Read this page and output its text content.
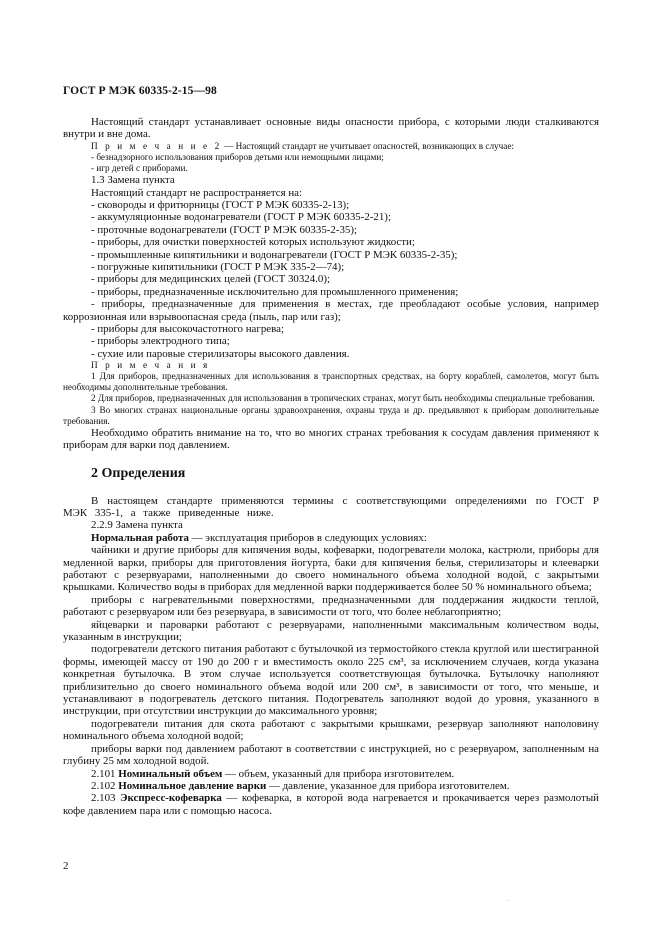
ГОСТ Р МЭК 60335-2-15—98

Настоящий стандарт устанавливает основные виды опасности прибора, с которыми люди сталкиваются внутри и вне дома.

П р и м е ч а н и е 2 — Настоящий стандарт не учитывает опасностей, возникающих в случае:

- безнадзорного использования приборов детьми или немощными лицами;

- игр детей с приборами.

1.3 Замена пункта

Настоящий стандарт не распространяется на:

- сковороды и фритюрницы (ГОСТ Р МЭК 60335-2-13);

- аккумуляционные водонагреватели (ГОСТ Р МЭК 60335-2-21);

- проточные водонагреватели (ГОСТ Р МЭК 60335-2-35);

- приборы, для очистки поверхностей которых используют жидкости;

- промышленные кипятильники и водонагреватели (ГОСТ Р МЭК 60335-2-35);

- погружные кипятильники (ГОСТ Р МЭК 335-2—74);

- приборы для медицинских целей (ГОСТ 30324.0);

- приборы, предназначенные исключительно для промышленного применения;

- приборы, предназначенные для применения в местах, где преобладают особые условия, например коррозионная или взрывоопасная среда (пыль, пар или газ);

- приборы для высокочастотного нагрева;

- приборы электродного типа;

- сухие или паровые стерилизаторы высокого давления.

П р и м е ч а н и я

1 Для приборов, предназначенных для использования в транспортных средствах, на борту кораблей, самолетов, могут быть необходимы дополнительные требования.

2 Для приборов, предназначенных для использования в тропических странах, могут быть необходимы специальные требования.

3 Во многих странах национальные органы здравоохранения, охраны труда и др. предъявляют к приборам дополнительные требования.

Необходимо обратить внимание на то, что во многих странах требования к сосудам давления применяют к приборам для варки под давлением.

2 Определения

В настоящем стандарте применяются термины с соответствующими определениями по ГОСТ Р МЭК 335-1, а также приведенные ниже.

2.2.9 Замена пункта

Нормальная работа — эксплуатация приборов в следующих условиях:

чайники и другие приборы для кипячения воды, кофеварки, подогреватели молока, кастрюли, приборы для медленной варки, приборы для приготовления йогурта, баки для кипячения белья, стерилизаторы и клееварки работают с резервуарами, наполненными до своего номинального объема холодной водой, с закрытыми крышками. Количество воды в приборах для медленной варки поддерживается более 50 % номинального объема;

приборы с нагревательными поверхностями, предназначенными для поддержания жидкости теплой, работают с резервуаром или без резервуара, в зависимости от того, что более неблагоприятно;

яйцеварки и пароварки работают с резервуарами, наполненными максимальным количеством воды, указанным в инструкции;

подогреватели детского питания работают с бутылочкой из термостойкого стекла круглой или шестигранной формы, имеющей массу от 190 до 200 г и вместимость около 225 см³, за исключением случаев, когда указана конкретная бутылочка. В этом случае используется соответствующая бутылочка. Бутылочку наполняют приблизительно до своего номинального объема водой или 200 см³, в зависимости от того, что меньше, и устанавливают в подогреватель детского питания. Подогреватель заполняют водой до уровня, указанного в инструкции, при отсутствии инструкции до максимального уровня;

подогреватели питания для скота работают с закрытыми крышками, резервуар заполняют наполовину номинального объема холодной водой;

приборы варки под давлением работают в соответствии с инструкцией, но с резервуаром, заполненным на глубину 25 мм холодной водой.

2.101 Номинальный объем — объем, указанный для прибора изготовителем.

2.102 Номинальное давление варки — давление, указанное для прибора изготовителем.

2.103 Экспресс-кофеварка — кофеварка, в которой вода нагревается и прокачивается через размолотый кофе давлением пара или с помощью насоса.

2
.
